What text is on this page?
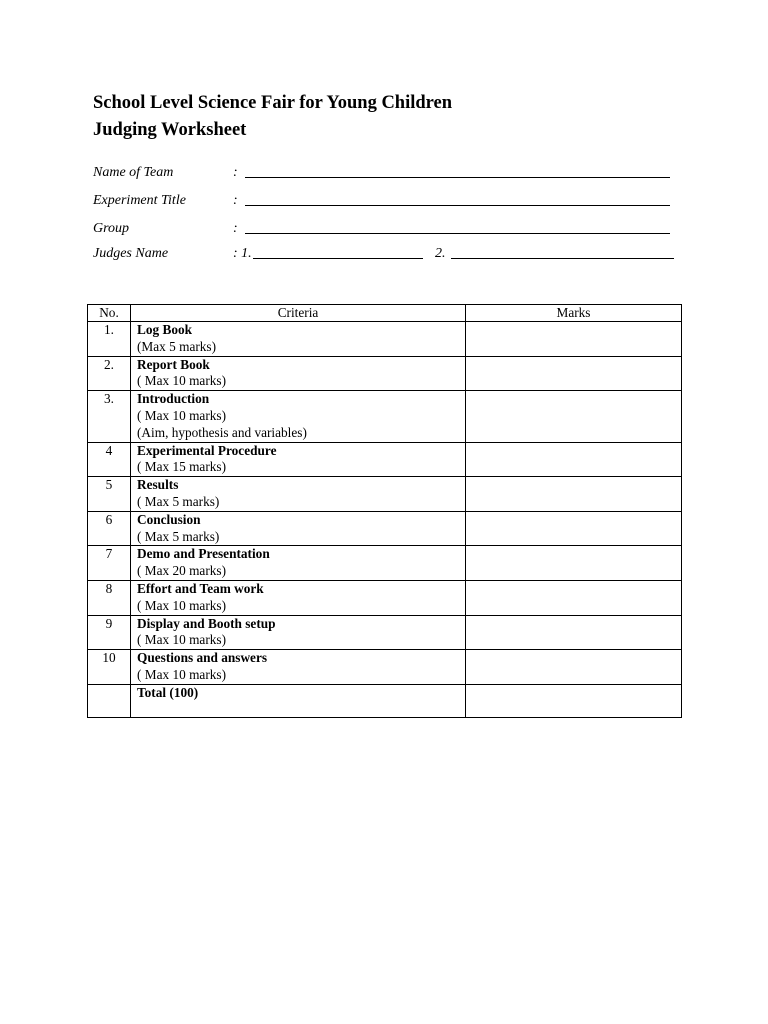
School Level Science Fair for Young Children
Judging Worksheet
Name of Team	:
Experiment Title	:
Group	:
Judges Name	: 1.	2.
No.	Criteria	Marks
1.	Log Book
(Max 5 marks)	

2.	Report Book
( Max 10 marks)	

3.	Introduction
( Max 10 marks)
(Aim, hypothesis and variables)	

4	Experimental Procedure
( Max 15 marks)	

5	Results
( Max 5 marks)	

6	Conclusion
( Max 5 marks)	

7	Demo and Presentation
( Max 20 marks)	

8	Effort and Team work
( Max 10 marks)	

9	Display and Booth setup
( Max 10 marks)	

10	Questions and answers
( Max 10 marks)	

	Total (100)	
